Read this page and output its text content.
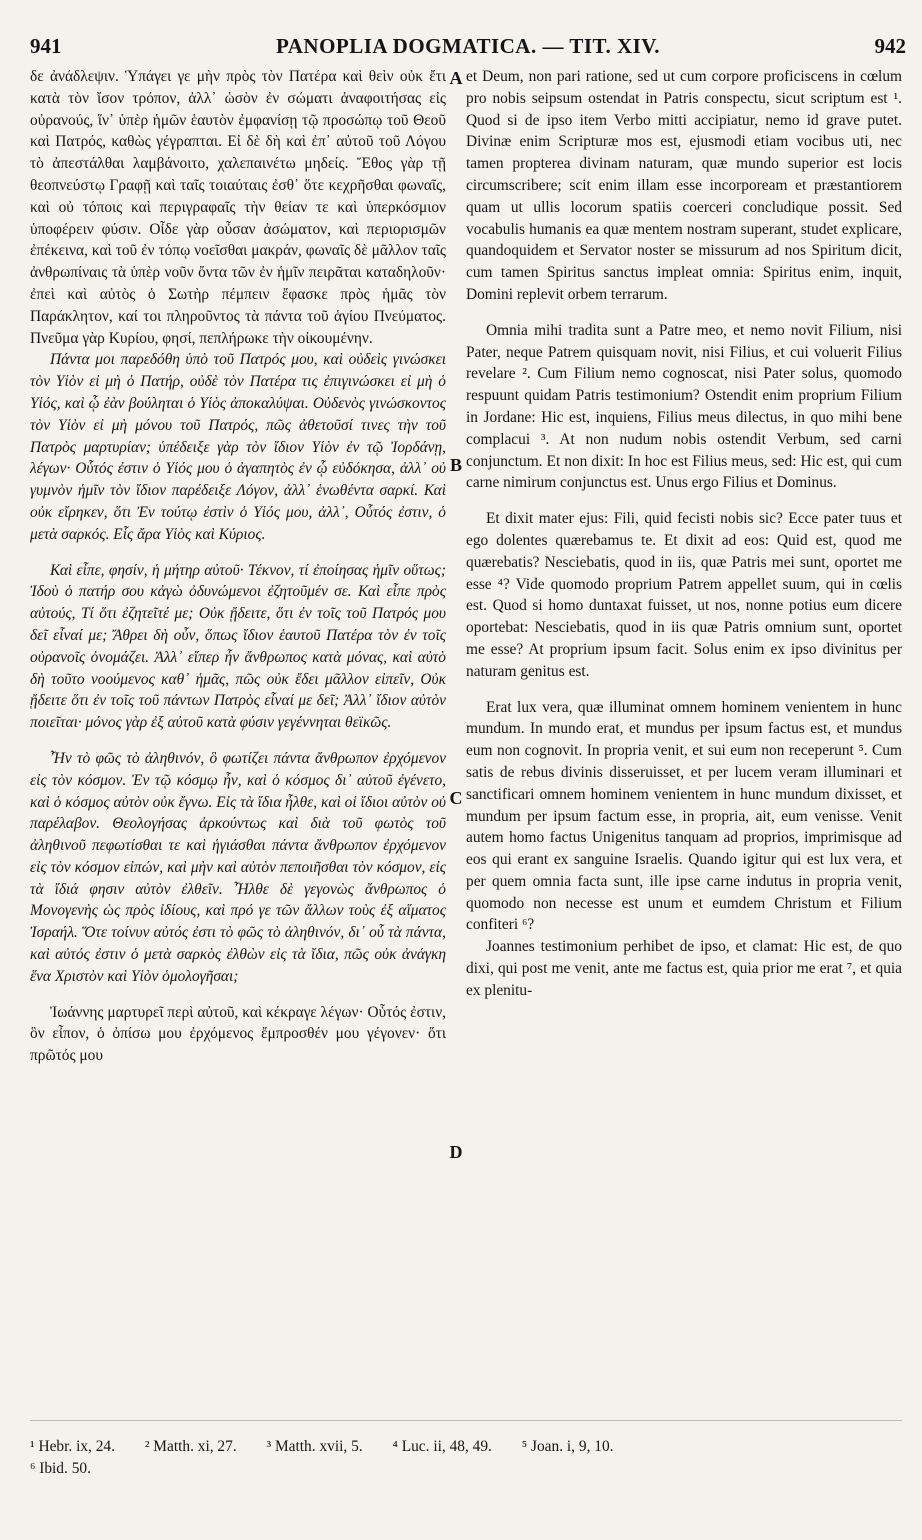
941	PANOPLIA DOGMATICA. — TIT. XIV.	942

δε ἀνάδλεψιν. Ὑπάγει γε μὴν πρὸς τὸν Πατέρα καὶ θεὶν οὐκ ἔτι κατὰ τὸν ἴσον τρόπον, ἀλλ᾽ ὡσὸν ἐν σώματι ἀναφοιτήσας εἰς οὐρανούς, ἵν᾽ ὑπὲρ ἡμῶν ἑαυτὸν ἐμφανίσῃ τῷ προσώπῳ τοῦ Θεοῦ καὶ Πατρός, καθὼς γέγραπται. Εἰ δὲ δὴ καὶ ἐπ᾽ αὐτοῦ τοῦ Λόγου τὸ ἀπεστάλθαι λαμβάνοιτο, χαλεπαινέτω μηδείς. Ἔθος γὰρ τῇ θεοπνεύστῳ Γραφῇ καὶ ταῖς τοιαύταις ἐσθ᾽ ὅτε κεχρῆσθαι φωναῖς, καὶ οὐ τόποις καὶ περιγραφαῖς τὴν θείαν τε καὶ ὑπερκόσμιον ὑποφέρειν φύσιν. Οἶδε γὰρ οὖσαν ἀσώματον, καὶ περιορισμῶν ἐπέκεινα, καὶ τοῦ ἐν τόπῳ νοεῖσθαι μακράν, φωναῖς δὲ μᾶλλον ταῖς ἀνθρωπίναις τὰ ὑπὲρ νοῦν ὄντα τῶν ἐν ἡμῖν πειρᾶται καταδηλοῦν· ἐπεὶ καὶ αὐτὸς ὁ Σωτὴρ πέμπειν ἔφασκε πρὸς ἡμᾶς τὸν Παράκλητον, καί τοι πληροῦντος τὰ πάντα τοῦ ἁγίου Πνεύματος. Πνεῦμα γὰρ Κυρίου, φησί, πεπλήρωκε τὴν οἰκουμένην.

Πάντα μοι παρεδόθη ὑπὸ τοῦ Πατρός μου, καὶ οὐδεὶς γινώσκει τὸν Υἱὸν εἰ μὴ ὁ Πατήρ, οὐδὲ τὸν Πατέρα τις ἐπιγινώσκει εἰ μὴ ὁ Υἱός, καὶ ᾧ ἐὰν βούληται ὁ Υἱὸς ἀποκαλύψαι. Οὐδενὸς γινώσκοντος τὸν Υἱὸν εἰ μὴ μόνου τοῦ Πατρός, πῶς ἀθετοῦσί τινες τὴν τοῦ Πατρὸς μαρτυρίαν; ὑπέδειξε γὰρ τὸν ἴδιον Υἱὸν ἐν τῷ Ἰορδάνῃ, λέγων· Οὗτός ἐστιν ὁ Υἱός μου ὁ ἀγαπητὸς ἐν ᾧ εὐδόκησα, ἀλλ᾽ οὐ γυμνὸν ἡμῖν τὸν ἴδιον παρέδειξε Λόγον, ἀλλ᾽ ἑνωθέντα σαρκί. Καὶ οὐκ εἴρηκεν, ὅτι Ἐν τούτῳ ἐστὶν ὁ Υἱός μου, ἀλλ᾽, Οὗτός ἐστιν, ὁ μετὰ σαρκός. Εἷς ἄρα Υἱὸς καὶ Κύριος.

Καὶ εἶπε, φησίν, ἡ μήτηρ αὐτοῦ· Τέκνον, τί ἐποίησας ἡμῖν οὕτως; Ἰδοὺ ὁ πατήρ σου κἀγὼ ὀδυνώμενοι ἐζητοῦμέν σε. Καὶ εἶπε πρὸς αὐτούς, Τί ὅτι ἐζητεῖτέ με; Οὐκ ᾔδειτε, ὅτι ἐν τοῖς τοῦ Πατρός μου δεῖ εἶναί με; Ἄθρει δὴ οὖν, ὅπως ἴδιον ἑαυτοῦ Πατέρα τὸν ἐν τοῖς οὐρανοῖς ὀνομάζει. Ἀλλ᾽ εἴπερ ἦν ἄνθρωπος κατὰ μόνας, καὶ αὐτὸ δὴ τοῦτο νοούμενος καθ᾽ ἡμᾶς, πῶς οὐκ ἔδει μᾶλλον εἰπεῖν, Οὐκ ᾔδειτε ὅτι ἐν τοῖς τοῦ πάντων Πατρὸς εἶναί με δεῖ; Ἀλλ᾽ ἴδιον αὐτὸν ποιεῖται· μόνος γὰρ ἐξ αὐτοῦ κατὰ φύσιν γεγέννηται θεϊκῶς.

Ἦν τὸ φῶς τὸ ἀληθινόν, ὃ φωτίζει πάντα ἄνθρωπον ἐρχόμενον εἰς τὸν κόσμον. Ἐν τῷ κόσμῳ ἦν, καὶ ὁ κόσμος δι᾽ αὐτοῦ ἐγένετο, καὶ ὁ κόσμος αὐτὸν οὐκ ἔγνω. Εἰς τὰ ἴδια ἦλθε, καὶ οἱ ἴδιοι αὐτὸν οὐ παρέλαβον. Θεολογήσας ἀρκούντως καὶ διὰ τοῦ φωτὸς τοῦ ἀληθινοῦ πεφωτίσθαι τε καὶ ἡγιάσθαι πάντα ἄνθρωπον ἐρχόμενον εἰς τὸν κόσμον εἰπών, καὶ μὴν καὶ αὐτὸν πεποιῆσθαι τὸν κόσμον, εἰς τὰ ἴδιά φησιν αὐτὸν ἐλθεῖν. Ἦλθε δὲ γεγονὼς ἄνθρωπος ὁ Μονογενὴς ὡς πρὸς ἰδίους, καὶ πρό γε τῶν ἄλλων τοὺς ἐξ αἵματος Ἰσραήλ. Ὅτε τοίνυν αὐτός ἐστι τὸ φῶς τὸ ἀληθινόν, δι᾽ οὗ τὰ πάντα, καὶ αὐτός ἐστιν ὁ μετὰ σαρκὸς ἐλθὼν εἰς τὰ ἴδια, πῶς οὐκ ἀνάγκη ἕνα Χριστὸν καὶ Υἱὸν ὁμολογῆσαι;

Ἰωάννης μαρτυρεῖ περὶ αὐτοῦ, καὶ κέκραγε λέγων· Οὗτός ἐστιν, ὃν εἶπον, ὁ ὀπίσω μου ἐρχόμενος ἔμπροσθέν μου γέγονεν· ὅτι πρῶτός μου

A
B
C
D

et Deum, non pari ratione, sed ut cum corpore proficiscens in cœlum pro nobis seipsum ostendat in Patris conspectu, sicut scriptum est ¹. Quod si de ipso item Verbo mitti accipiatur, nemo id grave putet. Divinæ enim Scripturæ mos est, ejusmodi etiam vocibus uti, nec tamen propterea divinam naturam, quæ mundo superior est locis circumscribere; scit enim illam esse incorpoream et præstantiorem quam ut ullis locorum spatiis coerceri concludique possit. Sed vocabulis humanis ea quæ mentem nostram superant, studet explicare, quandoquidem et Servator noster se missurum ad nos Spiritum dicit, cum tamen Spiritus sanctus impleat omnia: Spiritus enim, inquit, Domini replevit orbem terrarum.

Omnia mihi tradita sunt a Patre meo, et nemo novit Filium, nisi Pater, neque Patrem quisquam novit, nisi Filius, et cui voluerit Filius revelare ². Cum Filium nemo cognoscat, nisi Pater solus, quomodo respuunt quidam Patris testimonium? Ostendit enim proprium Filium in Jordane: Hic est, inquiens, Filius meus dilectus, in quo mihi bene complacui ³. At non nudum nobis ostendit Verbum, sed carni conjunctum. Et non dixit: In hoc est Filius meus, sed: Hic est, qui cum carne nimirum conjunctus est. Unus ergo Filius et Dominus.

Et dixit mater ejus: Fili, quid fecisti nobis sic? Ecce pater tuus et ego dolentes quærebamus te. Et dixit ad eos: Quid est, quod me quærebatis? Nesciebatis, quod in iis, quæ Patris mei sunt, oportet me esse ⁴? Vide quomodo proprium Patrem appellet suum, qui in cœlis est. Quod si homo duntaxat fuisset, ut nos, nonne potius eum dicere oportebat: Nesciebatis, quod in iis quæ Patris omnium sunt, oportet me esse? At proprium ipsum facit. Solus enim ex ipso divinitus per naturam genitus est.

Erat lux vera, quæ illuminat omnem hominem venientem in hunc mundum. In mundo erat, et mundus per ipsum factus est, et mundus eum non cognovit. In propria venit, et sui eum non receperunt ⁵. Cum satis de rebus divinis disseruisset, et per lucem veram illuminari et sanctificari omnem hominem venientem in hunc mundum dixisset, et mundum per ipsum factum esse, in propria, ait, eum venisse. Venit autem homo factus Unigenitus tanquam ad proprios, imprimisque ad eos qui erant ex sanguine Israelis. Quando igitur qui est lux vera, et per quem omnia facta sunt, ille ipse carne indutus in propria venit, quomodo non necesse est unum et eumdem Christum et Filium confiteri ⁶?

Joannes testimonium perhibet de ipso, et clamat: Hic est, de quo dixi, qui post me venit, ante me factus est, quia prior me erat ⁷, et quia ex plenitu-

¹ Hebr. ix, 24. ² Matth. xi, 27. ³ Matth. xvii, 5. ⁴ Luc. ii, 48, 49. ⁵ Joan. i, 9, 10.
⁶ Ibid. 50.
